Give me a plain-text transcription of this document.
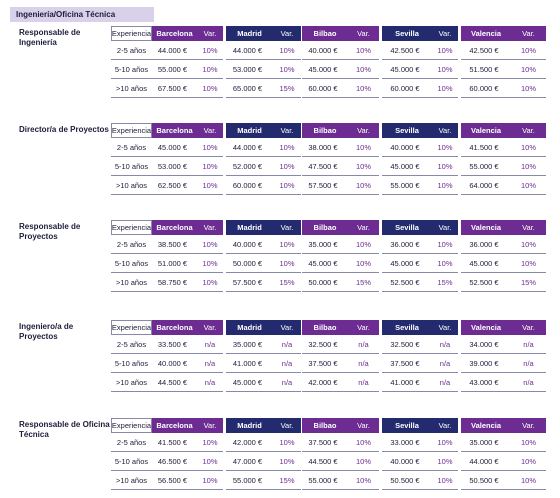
Ingeniería/Oficina Técnica
Responsable de Ingeniería
Experiencia Barcelona	Var.	Madrid	Var.	Bilbao	Var.	Sevilla	Var.	Valencia	Var.
2-5 años	44.000 €	10%	44.000 €	10%	40.000 €	10%	42.500 €	10%	42.500 €	10%
5-10 años	55.000 €	10%	53.000 €	10%	45.000 €	10%	45.000 €	10%	51.500 €	10%
>10 años	67.500 €	10%	65.000 €	15%	60.000 €	10%	60.000 €	10%	60.000 €	10%
Director/a de Proyectos Experiencia Barcelona	Var.	Madrid	Var.	Bilbao	Var.	Sevilla	Var.	Valencia	Var.
2-5 años	45.000 €	10%	44.000 €	10%	38.000 €	10%	40.000 €	10%	41.500 €	10%
5-10 años	53.000 €	10%	52.000 €	10%	47.500 €	10%	45.000 €	10%	55.000 €	10%
>10 años	62.500 €	10%	60.000 €	10%	57.500 €	10%	55.000 €	10%	64.000 €	10%
Responsable de Proyectos
Experiencia Barcelona	Var.	Madrid	Var.	Bilbao	Var.	Sevilla	Var.	Valencia	Var.
2-5 años	38.500 €	10%	40.000 €	10%	35.000 €	10%	36.000 €	10%	36.000 €	10%
5-10 años	51.000 €	10%	50.000 €	10%	45.000 €	10%	45.000 €	10%	45.000 €	10%
>10 años	58.750 €	10%	57.500 €	15%	50.000 €	15%	52.500 €	15%	52.500 €	15%
Ingeniero/a de Proyectos
Experiencia Barcelona	Var.	Madrid	Var.	Bilbao	Var.	Sevilla	Var.	Valencia	Var.
2-5 años	33.500 €	n/a	35.000 €	n/a	32.500 €	n/a	32.500 €	n/a	34.000 €	n/a
5-10 años	40.000 €	n/a	41.000 €	n/a	37.500 €	n/a	37.500 €	n/a	39.000 €	n/a
>10 años	44.500 €	n/a	45.000 €	n/a	42.000 €	n/a	41.000 €	n/a	43.000 €	n/a
Responsable de Oficina Técnica
Experiencia Barcelona	Var.	Madrid	Var.	Bilbao	Var.	Sevilla	Var.	Valencia	Var.
2-5 años	41.500 €	10%	42.000 €	10%	37.500 €	10%	33.000 €	10%	35.000 €	10%
5-10 años	46.500 €	10%	47.000 €	10%	44.500 €	10%	40.000 €	10%	44.000 €	10%
>10 años	56.500 €	10%	55.000 €	15%	55.000 €	10%	50.500 €	10%	50.500 €	10%
